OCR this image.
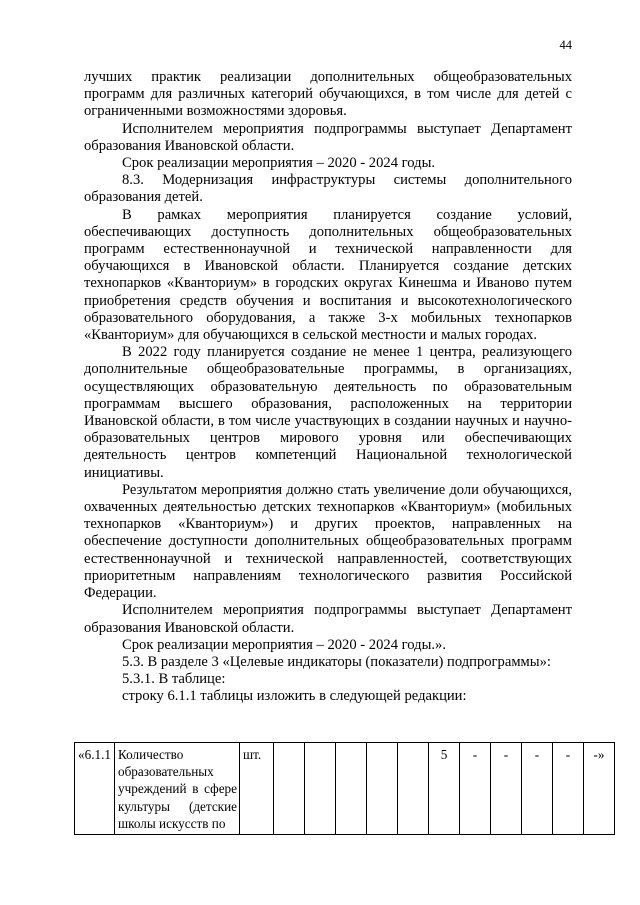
44

лучших практик реализации дополнительных общеобразовательных программ для различных категорий обучающихся, в том числе для детей с ограниченными возможностями здоровья.

Исполнителем мероприятия подпрограммы выступает Департамент образования Ивановской области.

Срок реализации мероприятия – 2020 - 2024 годы.

8.3. Модернизация инфраструктуры системы дополнительного образования детей.

В рамках мероприятия планируется создание условий, обеспечивающих доступность дополнительных общеобразовательных программ естественнонаучной и технической направленности для обучающихся в Ивановской области. Планируется создание детских технопарков «Кванториум» в городских округах Кинешма и Иваново путем приобретения средств обучения и воспитания и высокотехнологического образовательного оборудования, а также 3-х мобильных технопарков «Кванториум» для обучающихся в сельской местности и малых городах.

В 2022 году планируется создание не менее 1 центра, реализующего дополнительные общеобразовательные программы, в организациях, осуществляющих образовательную деятельность по образовательным программам высшего образования, расположенных на территории Ивановской области, в том числе участвующих в создании научных и научно-образовательных центров мирового уровня или обеспечивающих деятельность центров компетенций Национальной технологической инициативы.

Результатом мероприятия должно стать увеличение доли обучающихся, охваченных деятельностью детских технопарков «Кванториум» (мобильных технопарков «Кванториум») и других проектов, направленных на обеспечение доступности дополнительных общеобразовательных программ естественнонаучной и технической направленностей, соответствующих приоритетным направлениям технологического развития Российской Федерации.

Исполнителем мероприятия подпрограммы выступает Департамент образования Ивановской области.

Срок реализации мероприятия – 2020 - 2024 годы.».

5.3. В разделе 3 «Целевые индикаторы (показатели) подпрограммы»:

5.3.1. В таблице:

строку 6.1.1 таблицы изложить в следующей редакции:

«6.1.1	Количество образовательных учреждений в сфере культуры (детские школы искусств по	шт.						5	-	-	-	-	-»
